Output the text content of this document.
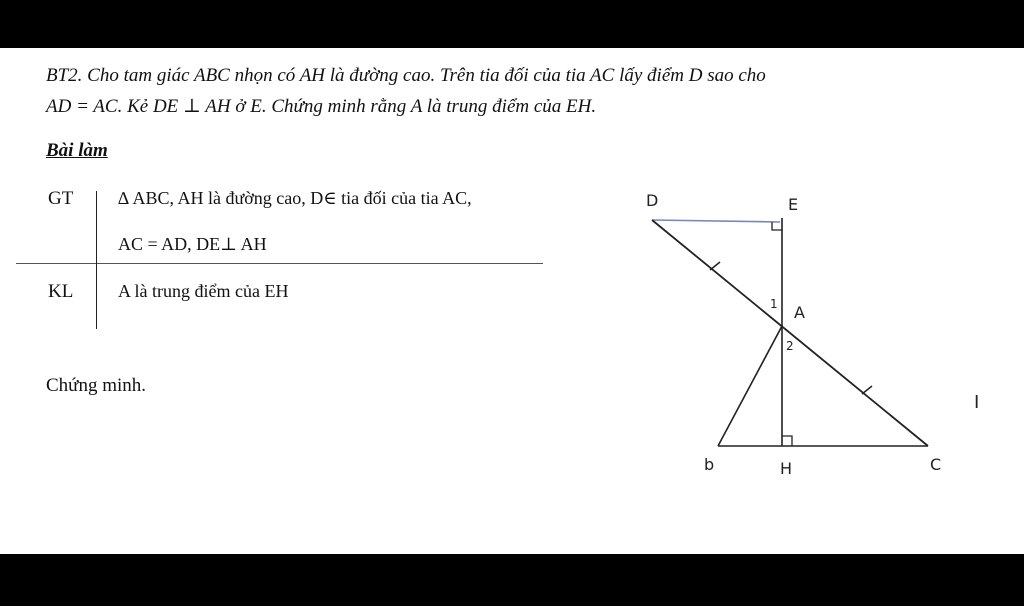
BT2. Cho tam giác ABC nhọn có AH là đường cao. Trên tia đối của tia AC lấy điểm D sao cho
AD = AC. Kẻ DE ⊥ AH ở E. Chứng minh rằng A là trung điểm của EH.
Bài làm
GT ∆ ABC, AH là đường cao, D∈ tia đối của tia AC,
AC = AD, DE⊥ AH
KL A là trung điểm của EH
Chứng minh.
D	E
A
b	H	C
1
2
I
